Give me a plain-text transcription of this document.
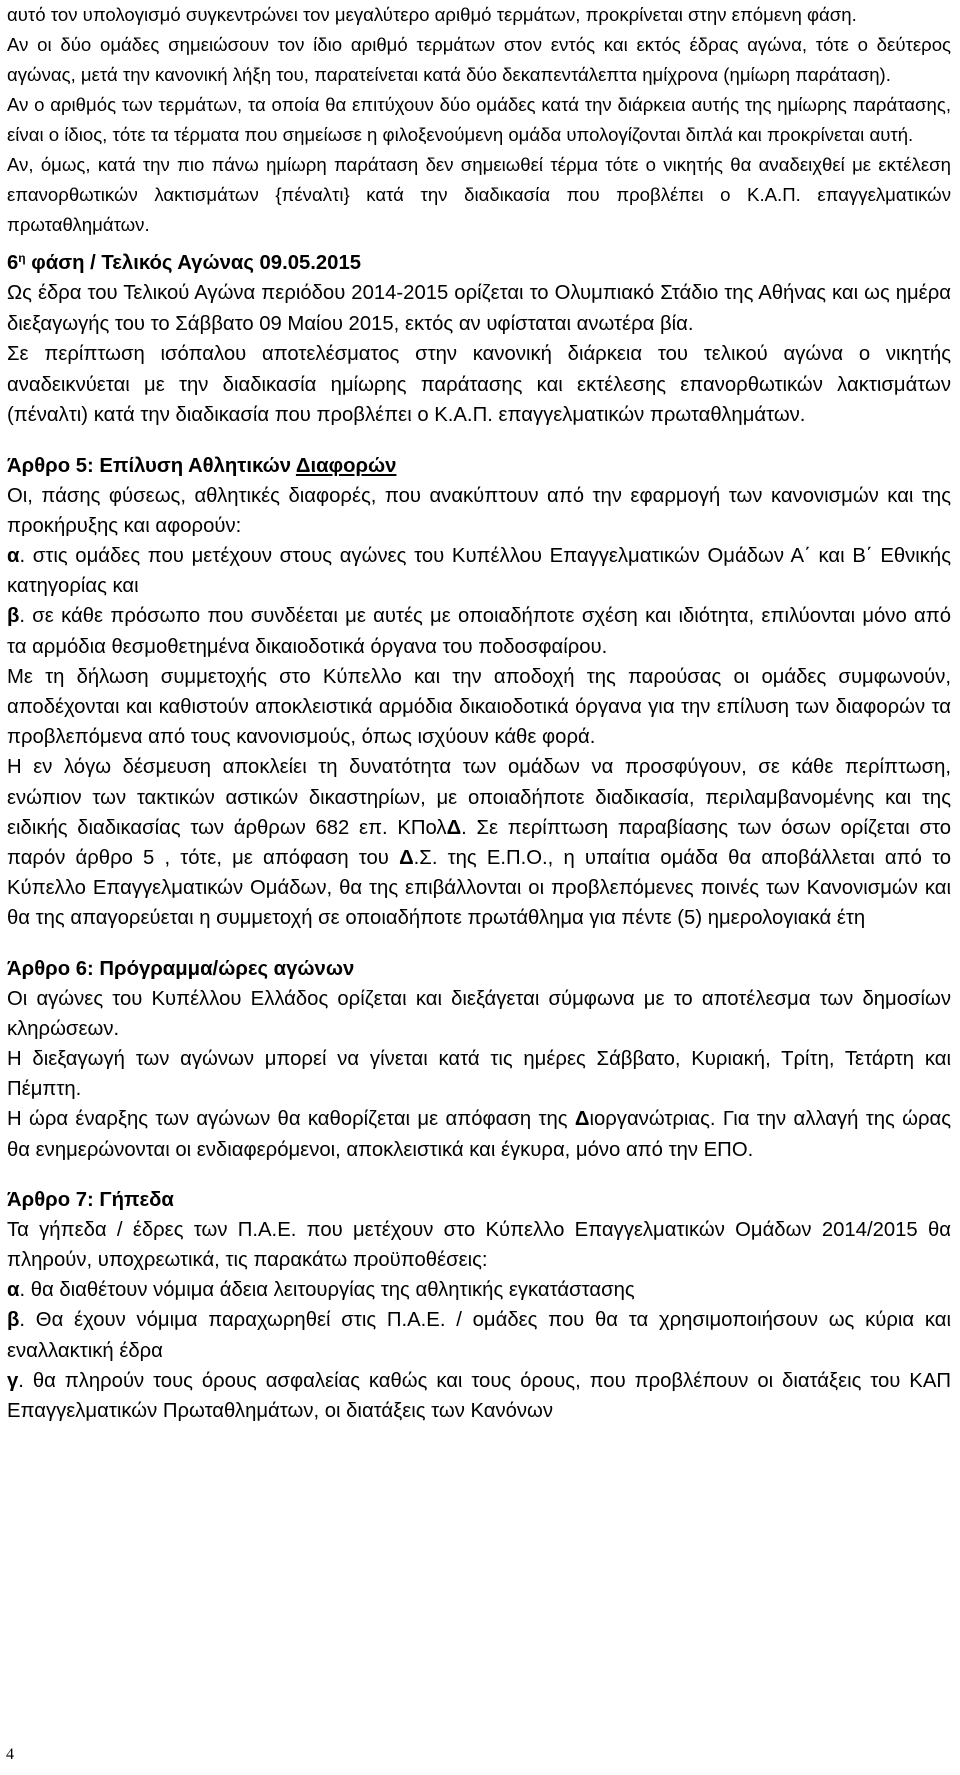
αυτό τον υπολογισμό συγκεντρώνει τον μεγαλύτερο αριθμό τερμάτων, προκρίνεται στην επόμενη φάση.

Αν οι δύο ομάδες σημειώσουν τον ίδιο αριθμό τερμάτων στον εντός και εκτός έδρας αγώνα, τότε ο δεύτερος αγώνας, μετά την κανονική λήξη του, παρατείνεται κατά δύο δεκαπεντάλεπτα ημίχρονα (ημίωρη παράταση).

Αν ο αριθμός των τερμάτων, τα οποία θα επιτύχουν δύο ομάδες κατά την διάρκεια αυτής της ημίωρης παράτασης, είναι ο ίδιος, τότε τα τέρματα που σημείωσε η φιλοξενούμενη ομάδα υπολογίζονται διπλά και προκρίνεται αυτή.

Αν, όμως, κατά την πιο πάνω ημίωρη παράταση δεν σημειωθεί τέρμα τότε ο νικητής θα αναδειχθεί με εκτέλεση επανορθωτικών λακτισμάτων {πέναλτι} κατά την διαδικασία που προβλέπει ο Κ.Α.Π. επαγγελματικών πρωταθλημάτων.

$6^\eta$ φάση / Τελικός Αγώνας 09.05.2015

Ως έδρα του Τελικού Αγώνα περιόδου 2014-2015 ορίζεται το Ολυμπιακό Στάδιο της Αθήνας και ως ημέρα διεξαγωγής του το Σάββατο 09 Μαίου 2015, εκτός αν υφίσταται ανωτέρα βία.

Σε περίπτωση ισόπαλου αποτελέσματος στην κανονική διάρκεια του τελικού αγώνα ο νικητής αναδεικνύεται με την διαδικασία ημίωρης παράτασης και εκτέλεσης επανορθωτικών λακτισμάτων (πέναλτι) κατά την διαδικασία που προβλέπει ο Κ.Α.Π. επαγγελματικών πρωταθλημάτων.

Άρθρο 5: Επίλυση Αθλητικών Διαφορών

Οι, πάσης φύσεως, αθλητικές διαφορές, που ανακύπτουν από την εφαρμογή των κανονισμών και της προκήρυξης και αφορούν:

α. στις ομάδες που μετέχουν στους αγώνες του Κυπέλλου Επαγγελματικών Ομάδων Α΄ και Β΄ Εθνικής κατηγορίας και

β. σε κάθε πρόσωπο που συνδέεται με αυτές με οποιαδήποτε σχέση και ιδιότητα, επιλύονται μόνο από τα αρμόδια θεσμοθετημένα δικαιοδοτικά όργανα του ποδοσφαίρου.

Με τη δήλωση συμμετοχής στο Κύπελλο και την αποδοχή της παρούσας οι ομάδες συμφωνούν, αποδέχονται και καθιστούν αποκλειστικά αρμόδια δικαιοδοτικά όργανα για την επίλυση των διαφορών τα προβλεπόμενα από τους κανονισμούς, όπως ισχύουν κάθε φορά.

Η εν λόγω δέσμευση αποκλείει τη δυνατότητα των ομάδων να προσφύγουν, σε κάθε περίπτωση, ενώπιον των τακτικών αστικών δικαστηρίων, με οποιαδήποτε διαδικασία, περιλαμβανομένης και της ειδικής διαδικασίας των άρθρων 682 επ. ΚΠολΔ. Σε περίπτωση παραβίασης των όσων ορίζεται στο παρόν άρθρο 5 , τότε, με απόφαση του Δ.Σ. της Ε.Π.Ο., η υπαίτια ομάδα θα αποβάλλεται από το Κύπελλο Επαγγελματικών Ομάδων, θα της επιβάλλονται οι προβλεπόμενες ποινές των Κανονισμών και θα της απαγορεύεται η συμμετοχή σε οποιαδήποτε πρωτάθλημα για πέντε (5) ημερολογιακά έτη

Άρθρο 6: Πρόγραμμα/ώρες αγώνων

Οι αγώνες του Κυπέλλου Ελλάδος ορίζεται και διεξάγεται σύμφωνα με το αποτέλεσμα των δημοσίων κληρώσεων.

Η διεξαγωγή των αγώνων μπορεί να γίνεται κατά τις ημέρες Σάββατο, Κυριακή, Τρίτη, Τετάρτη και Πέμπτη.

Η ώρα έναρξης των αγώνων θα καθορίζεται με απόφαση της Διοργανώτριας. Για την αλλαγή της ώρας θα ενημερώνονται οι ενδιαφερόμενοι, αποκλειστικά και έγκυρα, μόνο από την ΕΠΟ.

Άρθρο 7: Γήπεδα

Τα γήπεδα / έδρες των Π.Α.Ε. που μετέχουν στο Κύπελλο Επαγγελματικών Ομάδων 2014/2015 θα πληρούν, υποχρεωτικά, τις παρακάτω προϋποθέσεις:

α. θα διαθέτουν νόμιμα άδεια λειτουργίας της αθλητικής εγκατάστασης

β. Θα έχουν νόμιμα παραχωρηθεί στις Π.Α.Ε. / ομάδες που θα τα χρησιμοποιήσουν ως κύρια και εναλλακτική έδρα

γ. θα πληρούν τους όρους ασφαλείας καθώς και τους όρους, που προβλέπουν οι διατάξεις του ΚΑΠ Επαγγελματικών Πρωταθλημάτων, οι διατάξεις των Κανόνων

4
